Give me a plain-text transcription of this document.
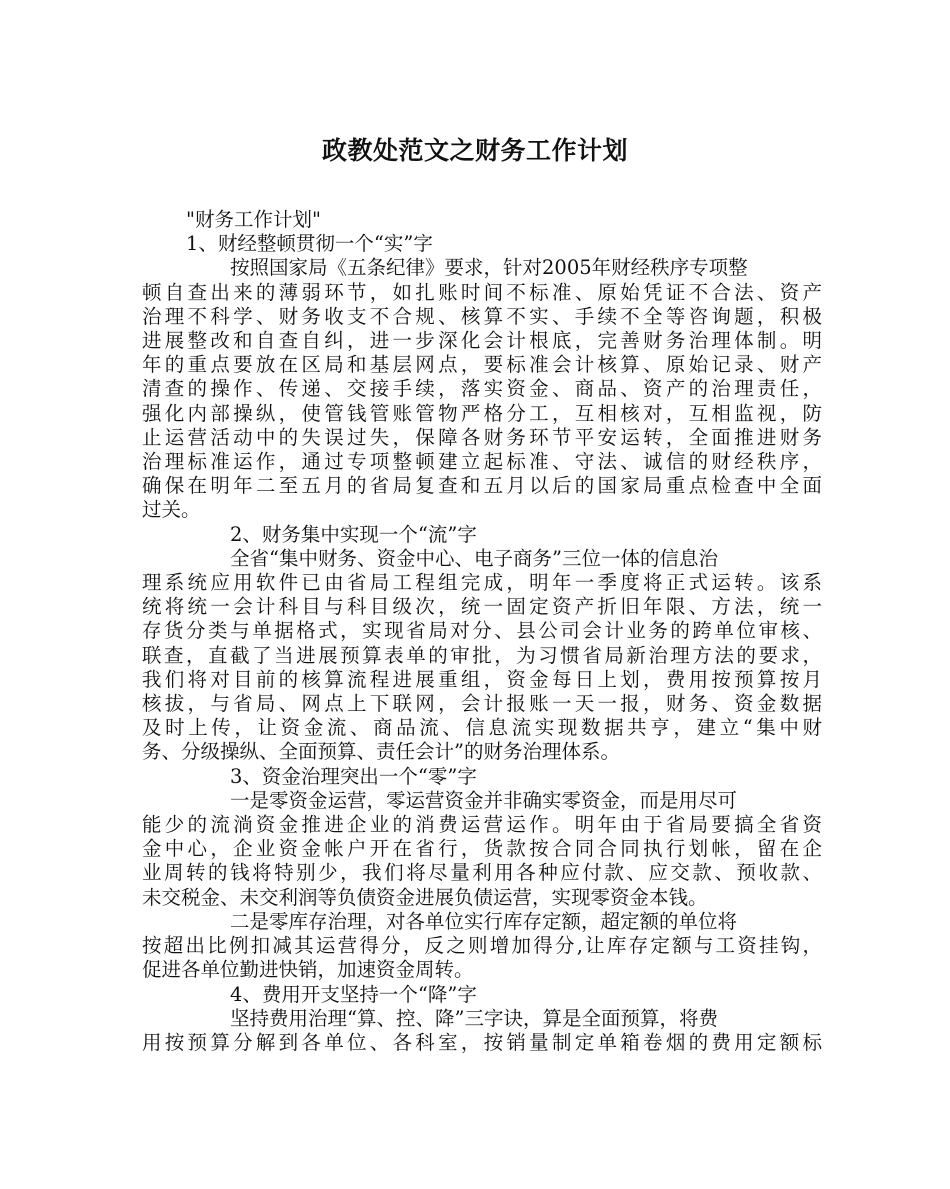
政教处范文之财务工作计划
"财务工作计划"
1、财经整顿贯彻一个“实”字
按照国家局《五条纪律》要求，针对2005年财经秩序专项整
顿自查出来的薄弱环节，如扎账时间不标准、原始凭证不合法、资产
治理不科学、财务收支不合规、核算不实、手续不全等咨询题，积极
进展整改和自查自纠，进一步深化会计根底，完善财务治理体制。明
年的重点要放在区局和基层网点，要标准会计核算、原始记录、财产
清查的操作、传递、交接手续，落实资金、商品、资产的治理责任，
强化内部操纵，使管钱管账管物严格分工，互相核对，互相监视，防
止运营活动中的失误过失，保障各财务环节平安运转，全面推进财务
治理标准运作，通过专项整顿建立起标准、守法、诚信的财经秩序，
确保在明年二至五月的省局复查和五月以后的国家局重点检查中全面
过关。
2、财务集中实现一个“流”字
全省“集中财务、资金中心、电子商务”三位一体的信息治
理系统应用软件已由省局工程组完成，明年一季度将正式运转。该系
统将统一会计科目与科目级次，统一固定资产折旧年限、方法，统一
存货分类与单据格式，实现省局对分、县公司会计业务的跨单位审核、
联查，直截了当进展预算表单的审批，为习惯省局新治理方法的要求，
我们将对目前的核算流程进展重组，资金每日上划，费用按预算按月
核拔，与省局、网点上下联网，会计报账一天一报，财务、资金数据
及时上传，让资金流、商品流、信息流实现数据共亨，建立“集中财
务、分级操纵、全面预算、责任会计”的财务治理体系。
3、资金治理突出一个“零”字
一是零资金运营，零运营资金并非确实零资金，而是用尽可
能少的流淌资金推进企业的消费运营运作。明年由于省局要搞全省资
金中心，企业资金帐户开在省行，货款按合同合同执行划帐，留在企
业周转的钱将特别少，我们将尽量利用各种应付款、应交款、预收款、
未交税金、未交利润等负债资金进展负债运营，实现零资金本钱。
二是零库存治理，对各单位实行库存定额，超定额的单位将
按超出比例扣减其运营得分，反之则增加得分,让库存定额与工资挂钩，
促进各单位勤进快销，加速资金周转。
4、费用开支坚持一个“降”字
坚持费用治理“算、控、降”三字诀，算是全面预算，将费
用按预算分解到各单位、各科室，按销量制定单箱卷烟的费用定额标
